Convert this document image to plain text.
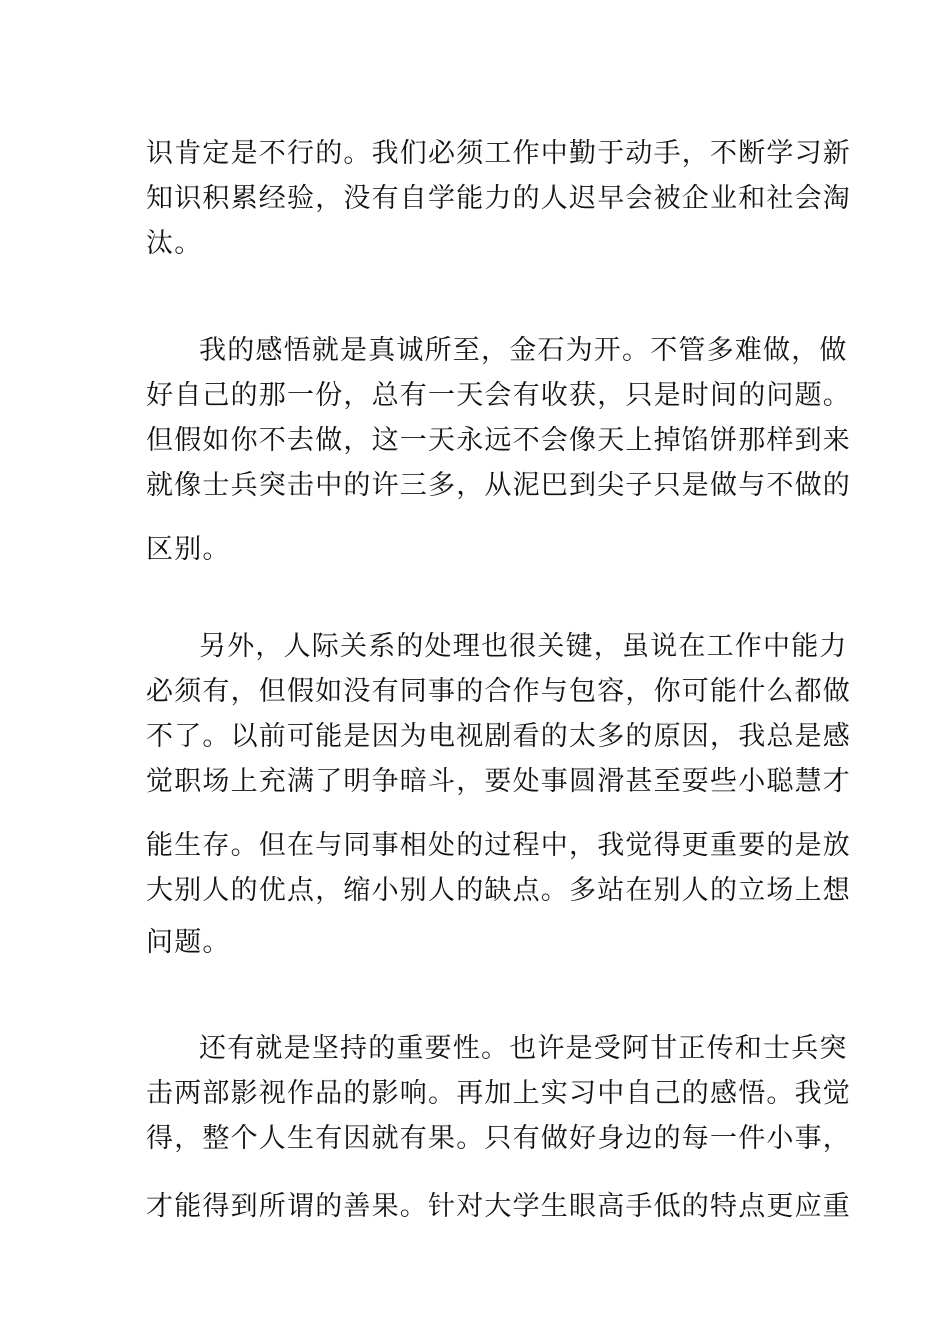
识肯定是不行的。我们必须工作中勤于动手，不断学习新
知识积累经验，没有自学能力的人迟早会被企业和社会淘
汰。
我的感悟就是真诚所至，金石为开。不管多难做，做
好自己的那一份，总有一天会有收获，只是时间的问题。
但假如你不去做，这一天永远不会像天上掉馅饼那样到来
就像士兵突击中的许三多，从泥巴到尖子只是做与不做的
区别。
另外，人际关系的处理也很关键，虽说在工作中能力
必须有，但假如没有同事的合作与包容，你可能什么都做
不了。以前可能是因为电视剧看的太多的原因，我总是感
觉职场上充满了明争暗斗，要处事圆滑甚至耍些小聪慧才
能生存。但在与同事相处的过程中，我觉得更重要的是放
大别人的优点，缩小别人的缺点。多站在别人的立场上想
问题。
还有就是坚持的重要性。也许是受阿甘正传和士兵突
击两部影视作品的影响。再加上实习中自己的感悟。我觉
得，整个人生有因就有果。只有做好身边的每一件小事，
才能得到所谓的善果。针对大学生眼高手低的特点更应重
